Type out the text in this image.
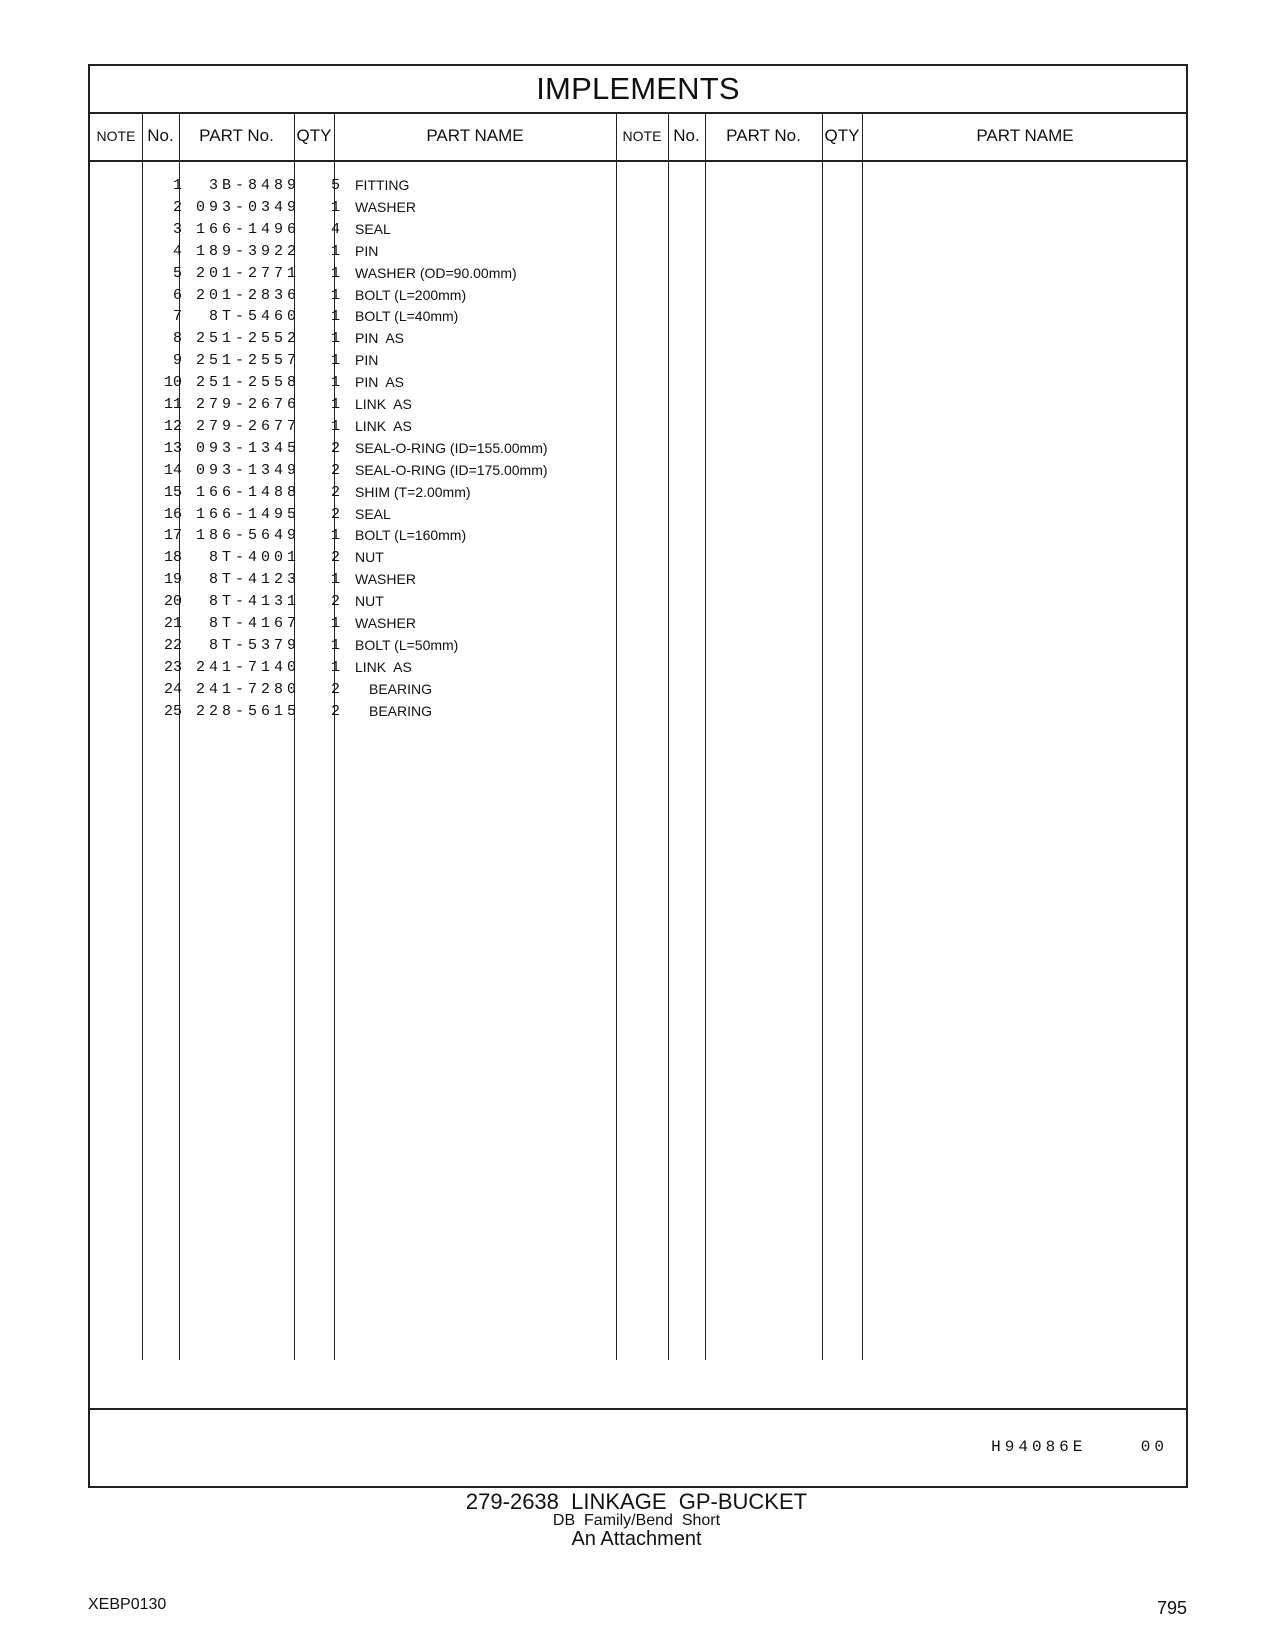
IMPLEMENTS
NOTE No.	PART No.	QTY	PART NAME	NOTE No.	PART No.	QTY	PART NAME
1	3B-8489	5 FITTING
2 093-0349	1 WASHER
3 166-1496	4 SEAL
4 189-3922	1 PIN
5 201-2771	1 WASHER (OD=90.00mm)
6 201-2836	1 BOLT (L=200mm)
7	8T-5460	1 BOLT (L=40mm)
8 251-2552	1 PIN  AS
9 251-2557	1 PIN
10 251-2558	1 PIN  AS
11 279-2676	1 LINK  AS
12 279-2677	1 LINK  AS
13 093-1345	2 SEAL-O-RING (ID=155.00mm)
14 093-1349	2 SEAL-O-RING (ID=175.00mm)
15 166-1488	2 SHIM (T=2.00mm)
16 166-1495	2 SEAL
17 186-5649	1 BOLT (L=160mm)
18	8T-4001	2 NUT
19	8T-4123	1 WASHER
20	8T-4131	2 NUT
21	8T-4167	1 WASHER
22	8T-5379	1 BOLT (L=50mm)
23 241-7140	1 LINK  AS
24 241-7280	2 BEARING
25 228-5615	2 BEARING
H94086E    00
279-2638  LINKAGE  GP-BUCKET
DB  Family/Bend  Short
An Attachment
XEBP0130	795
